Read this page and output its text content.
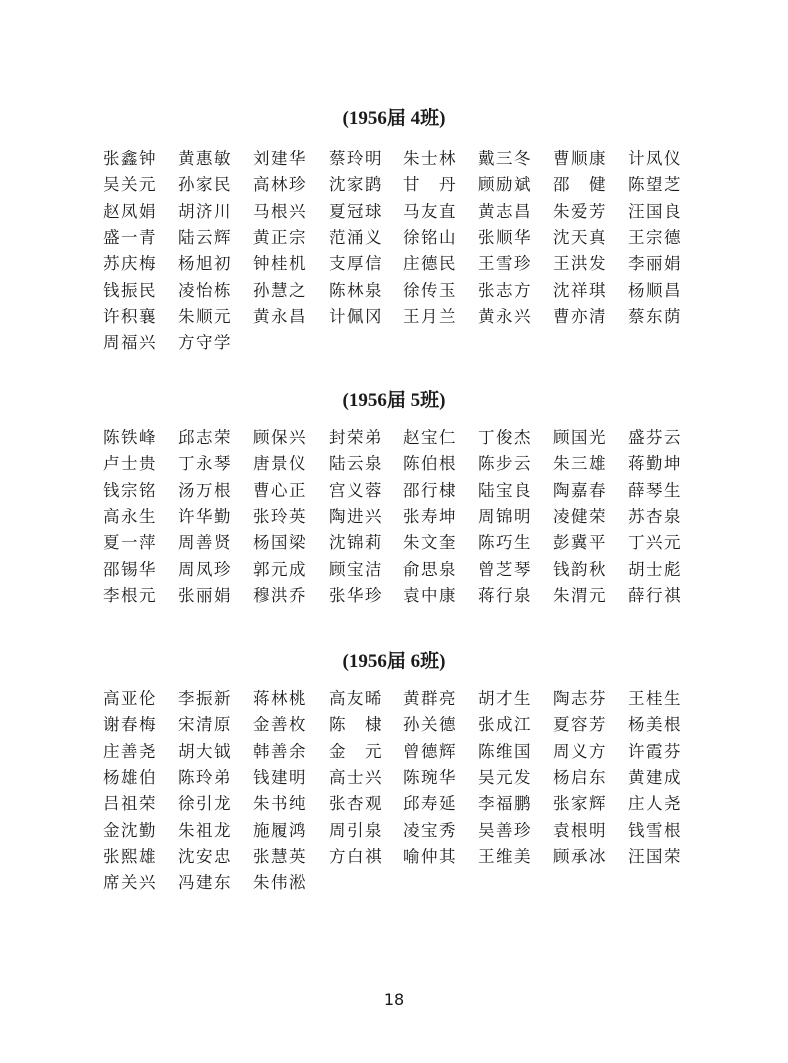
(1956届 4班)
张鑫钟	黄惠敏	刘建华	蔡玲明	朱士林	戴三冬	曹顺康	计凤仪
吴关元	孙家民	高林珍	沈家鹍	甘　丹	顾励斌	邵　健	陈望芝
赵凤娟	胡济川	马根兴	夏冠球	马友直	黄志昌	朱爱芳	汪国良
盛一青	陆云辉	黄正宗	范涌义	徐铭山	张顺华	沈天真	王宗德
苏庆梅	杨旭初	钟桂机	支厚信	庄德民	王雪珍	王洪发	李丽娟
钱振民	凌怡栋	孙慧之	陈林泉	徐传玉	张志方	沈祥琪	杨顺昌
许积襄	朱顺元	黄永昌	计佩冈	王月兰	黄永兴	曹亦清	蔡东荫
周福兴	方守学
(1956届 5班)
陈铁峰	邱志荣	顾保兴	封荣弟	赵宝仁	丁俊杰	顾国光	盛芬云
卢士贵	丁永琴	唐景仪	陆云泉	陈伯根	陈步云	朱三雄	蒋勤坤
钱宗铭	汤万根	曹心正	宫义蓉	邵行棣	陆宝良	陶嘉春	薛琴生
高永生	许华勤	张玲英	陶进兴	张寿坤	周锦明	凌健荣	苏杏泉
夏一萍	周善贤	杨国梁	沈锦莉	朱文奎	陈巧生	彭冀平	丁兴元
邵锡华	周凤珍	郭元成	顾宝洁	俞思泉	曾芝琴	钱韵秋	胡士彪
李根元	张丽娟	穆洪乔	张华珍	袁中康	蒋行泉	朱渭元	薛行祺
(1956届 6班)
高亚伦	李振新	蒋林桃	高友晞	黄群亮	胡才生	陶志芬	王桂生
谢春梅	宋清原	金善枚	陈　棣	孙关德	张成江	夏容芳	杨美根
庄善尧	胡大钺	韩善余	金　元	曾德辉	陈维国	周义方	许霞芬
杨雄伯	陈玲弟	钱建明	高士兴	陈琬华	吴元发	杨启东	黄建成
吕祖荣	徐引龙	朱书纯	张杏观	邱寿延	李福鹏	张家辉	庄人尧
金沈勤	朱祖龙	施履鸿	周引泉	凌宝秀	吴善珍	袁根明	钱雪根
张熙雄	沈安忠	张慧英	方白祺	喻仲其	王维美	顾承冰	汪国荣
席关兴	冯建东	朱伟淞
18
